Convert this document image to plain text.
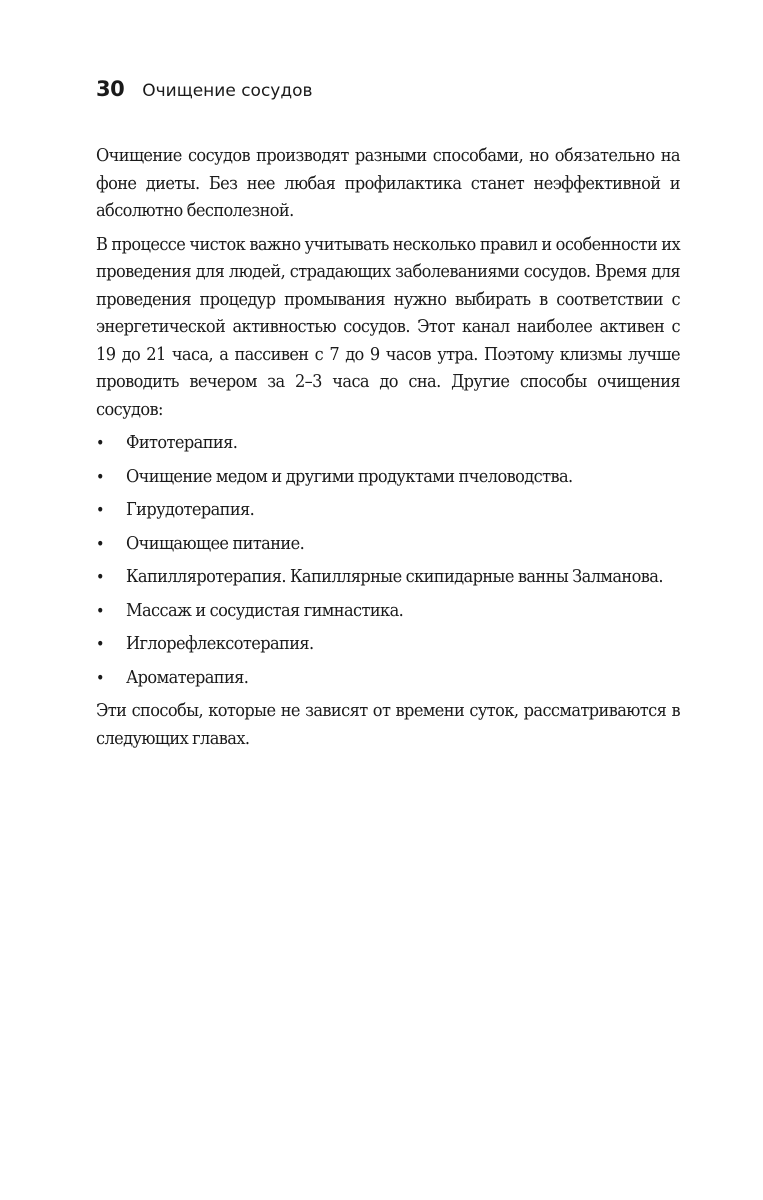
30 Очищение сосудов

Очищение сосудов производят разными способами, но обязательно на фоне диеты. Без нее любая профилактика станет неэффективной и абсолютно бесполезной.

В процессе чисток важно учитывать несколько правил и особенности их проведения для людей, страдающих заболеваниями сосудов. Время для проведения процедур промывания нужно выбирать в соответствии с энергетической активностью сосудов. Этот канал наиболее активен с 19 до 21 часа, а пассивен с 7 до 9 часов утра. Поэтому клизмы лучше проводить вечером за 2–3 часа до сна. Другие способы очищения сосудов:

• Фитотерапия.
• Очищение медом и другими продуктами пчеловодства.
• Гирудотерапия.
• Очищающее питание.
• Капилляротерапия. Капиллярные скипидарные ванны Залманова.
• Массаж и сосудистая гимнастика.
• Иглорефлексотерапия.
• Ароматерапия.

Эти способы, которые не зависят от времени суток, рассматриваются в следующих главах.
